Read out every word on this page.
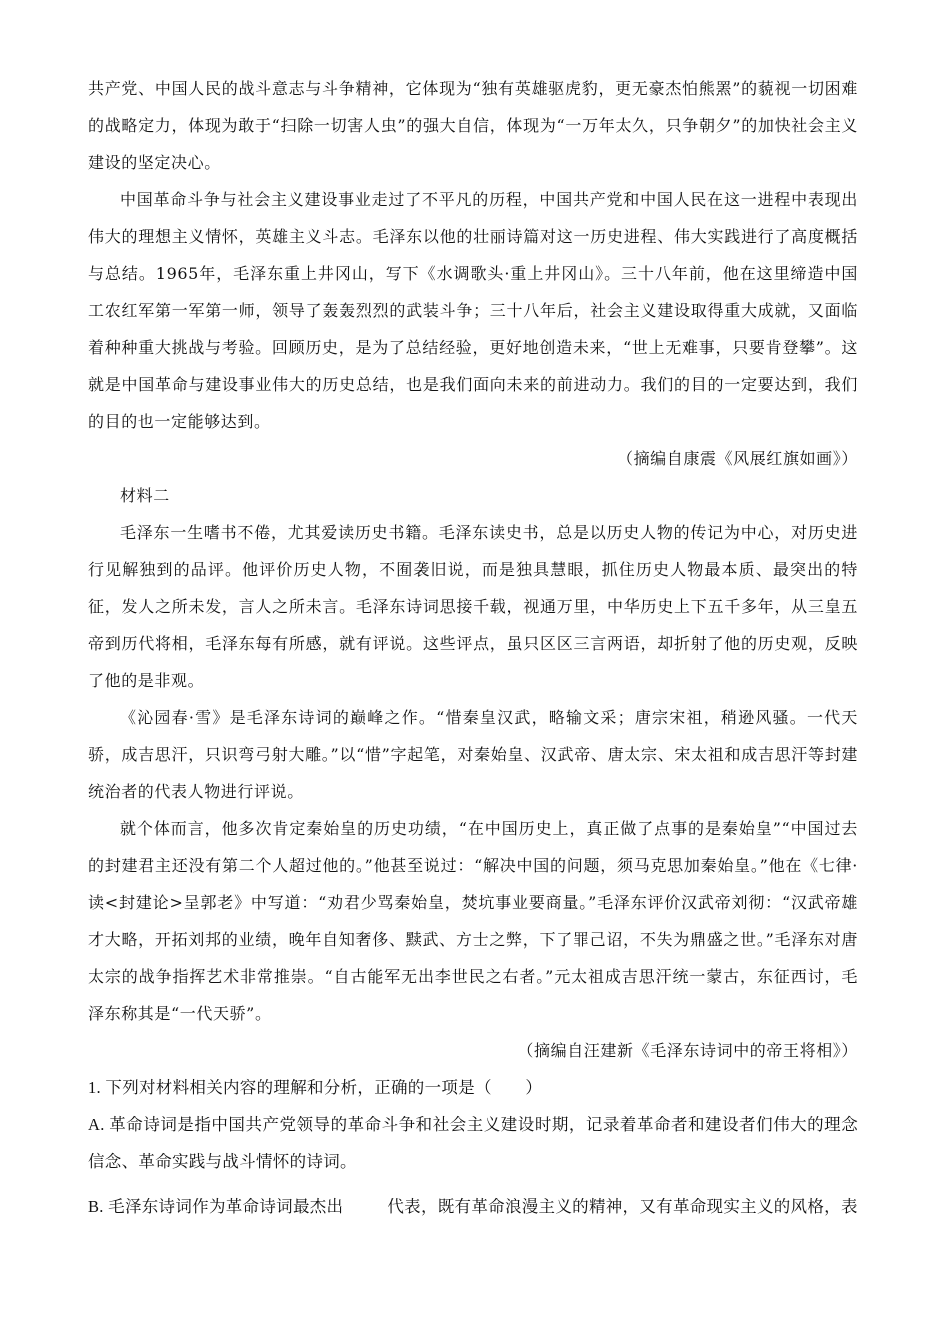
共产党、中国人民的战斗意志与斗争精神，它体现为“独有英雄驱虎豹，更无豪杰怕熊罴”的藐视一切困难的战略定力，体现为敢于“扫除一切害人虫”的强大自信，体现为“一万年太久，只争朝夕”的加快社会主义建设的坚定决心。

中国革命斗争与社会主义建设事业走过了不平凡的历程，中国共产党和中国人民在这一进程中表现出伟大的理想主义情怀，英雄主义斗志。毛泽东以他的壮丽诗篇对这一历史进程、伟大实践进行了高度概括与总结。1965年，毛泽东重上井冈山，写下《水调歌头·重上井冈山》。三十八年前，他在这里缔造中国工农红军第一军第一师，领导了轰轰烈烈的武装斗争；三十八年后，社会主义建设取得重大成就，又面临着种种重大挑战与考验。回顾历史，是为了总结经验，更好地创造未来，“世上无难事，只要肯登攀”。这就是中国革命与建设事业伟大的历史总结，也是我们面向未来的前进动力。我们的目的一定要达到，我们的目的也一定能够达到。

（摘编自康震《风展红旗如画》）

材料二

毛泽东一生嗜书不倦，尤其爱读历史书籍。毛泽东读史书，总是以历史人物的传记为中心，对历史进行见解独到的品评。他评价历史人物，不囿袭旧说，而是独具慧眼，抓住历史人物最本质、最突出的特征，发人之所未发，言人之所未言。毛泽东诗词思接千载，视通万里，中华历史上下五千多年，从三皇五帝到历代将相，毛泽东每有所感，就有评说。这些评点，虽只区区三言两语，却折射了他的历史观，反映了他的是非观。

《沁园春·雪》是毛泽东诗词的巅峰之作。“惜秦皇汉武，略输文采；唐宗宋祖，稍逊风骚。一代天骄，成吉思汗，只识弯弓射大雕。”以“惜”字起笔，对秦始皇、汉武帝、唐太宗、宋太祖和成吉思汗等封建统治者的代表人物进行评说。

就个体而言，他多次肯定秦始皇的历史功绩，“在中国历史上，真正做了点事的是秦始皇”“中国过去的封建君主还没有第二个人超过他的。”他甚至说过：“解决中国的问题，须马克思加秦始皇。”他在《七律·读<封建论>呈郭老》中写道：“劝君少骂秦始皇，焚坑事业要商量。”毛泽东评价汉武帝刘彻：“汉武帝雄才大略，开拓刘邦的业绩，晚年自知奢侈、黩武、方士之弊，下了罪己诏，不失为鼎盛之世。”毛泽东对唐太宗的战争指挥艺术非常推崇。“自古能军无出李世民之右者。”元太祖成吉思汗统一蒙古，东征西讨，毛泽东称其是“一代天骄”。

（摘编自汪建新《毛泽东诗词中的帝王将相》）

1. 下列对材料相关内容的理解和分析，正确的一项是（　　）

A. 革命诗词是指中国共产党领导的革命斗争和社会主义建设时期，记录着革命者和建设者们伟大的理念信念、革命实践与战斗情怀的诗词。

B. 毛泽东诗词作为革命诗词最杰出	代表，既有革命浪漫主义的精神，又有革命现实主义的风格，表
